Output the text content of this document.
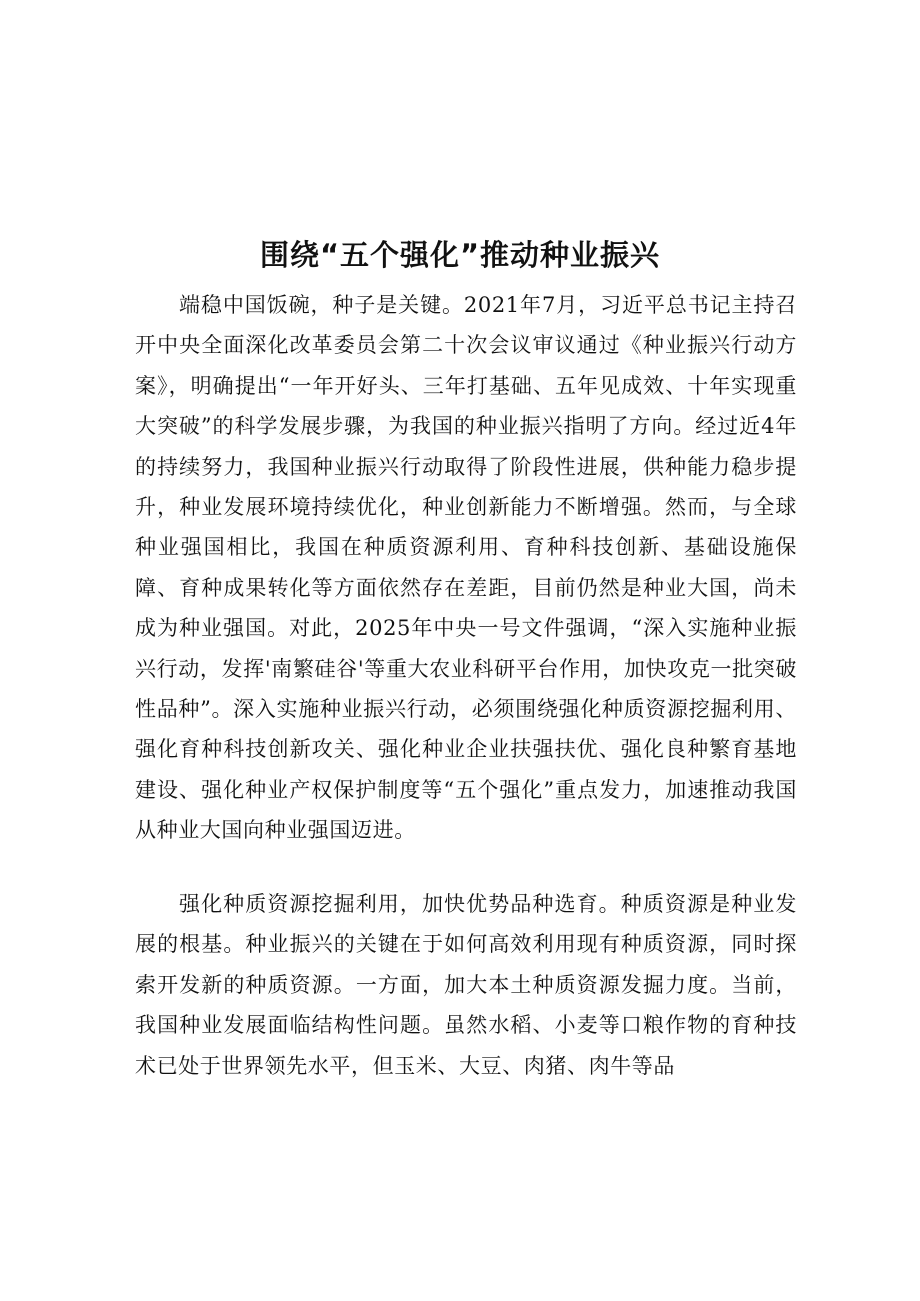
围绕“五个强化”推动种业振兴

端稳中国饭碗，种子是关键。2021年7月，习近平总书记主持召开中央全面深化改革委员会第二十次会议审议通过《种业振兴行动方案》，明确提出“一年开好头、三年打基础、五年见成效、十年实现重大突破”的科学发展步骤，为我国的种业振兴指明了方向。经过近4年的持续努力，我国种业振兴行动取得了阶段性进展，供种能力稳步提升，种业发展环境持续优化，种业创新能力不断增强。然而，与全球种业强国相比，我国在种质资源利用、育种科技创新、基础设施保障、育种成果转化等方面依然存在差距，目前仍然是种业大国，尚未成为种业强国。对此，2025年中央一号文件强调，“深入实施种业振兴行动，发挥'南繁硅谷'等重大农业科研平台作用，加快攻克一批突破性品种”。深入实施种业振兴行动，必须围绕强化种质资源挖掘利用、强化育种科技创新攻关、强化种业企业扶强扶优、强化良种繁育基地建设、强化种业产权保护制度等“五个强化”重点发力，加速推动我国从种业大国向种业强国迈进。

强化种质资源挖掘利用，加快优势品种选育。种质资源是种业发展的根基。种业振兴的关键在于如何高效利用现有种质资源，同时探索开发新的种质资源。一方面，加大本土种质资源发掘力度。当前，我国种业发展面临结构性问题。虽然水稻、小麦等口粮作物的育种技术已处于世界领先水平，但玉米、大豆、肉猪、肉牛等品
